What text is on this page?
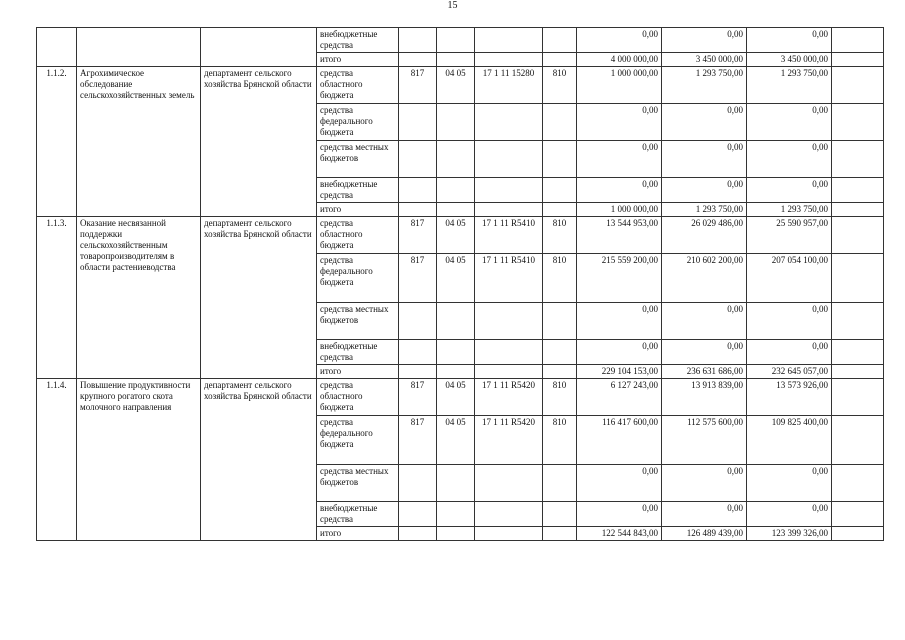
15
			внебюджетные средства					0,00	0,00	0,00	
			итого					4 000 000,00	3 450 000,00	3 450 000,00	
1.1.2.	Агрохимическое обследование сельскохозяйственных земель	департамент сельского хозяйства Брянской области	средства областного бюджета	817	04 05	17 1 11 15280	810	1 000 000,00	1 293 750,00	1 293 750,00	
			средства федерального бюджета					0,00	0,00	0,00	
			средства местных бюджетов					0,00	0,00	0,00	
			внебюджетные средства					0,00	0,00	0,00	
			итого					1 000 000,00	1 293 750,00	1 293 750,00	
1.1.3.	Оказание несвязанной поддержки сельскохозяйственным товаропроизводителям в области растениеводства	департамент сельского хозяйства Брянской области	средства областного бюджета	817	04 05	17 1 11 R5410	810	13 544 953,00	26 029 486,00	25 590 957,00	
			средства федерального бюджета	817	04 05	17 1 11 R5410	810	215 559 200,00	210 602 200,00	207 054 100,00	
			средства местных бюджетов					0,00	0,00	0,00	
			внебюджетные средства					0,00	0,00	0,00	
			итого					229 104 153,00	236 631 686,00	232 645 057,00	
1.1.4.	Повышение продуктивности крупного рогатого скота молочного направления	департамент сельского хозяйства Брянской области	средства областного бюджета	817	04 05	17 1 11 R5420	810	6 127 243,00	13 913 839,00	13 573 926,00	
			средства федерального бюджета	817	04 05	17 1 11 R5420	810	116 417 600,00	112 575 600,00	109 825 400,00	
			средства местных бюджетов					0,00	0,00	0,00	
			внебюджетные средства					0,00	0,00	0,00	
			итого					122 544 843,00	126 489 439,00	123 399 326,00	
